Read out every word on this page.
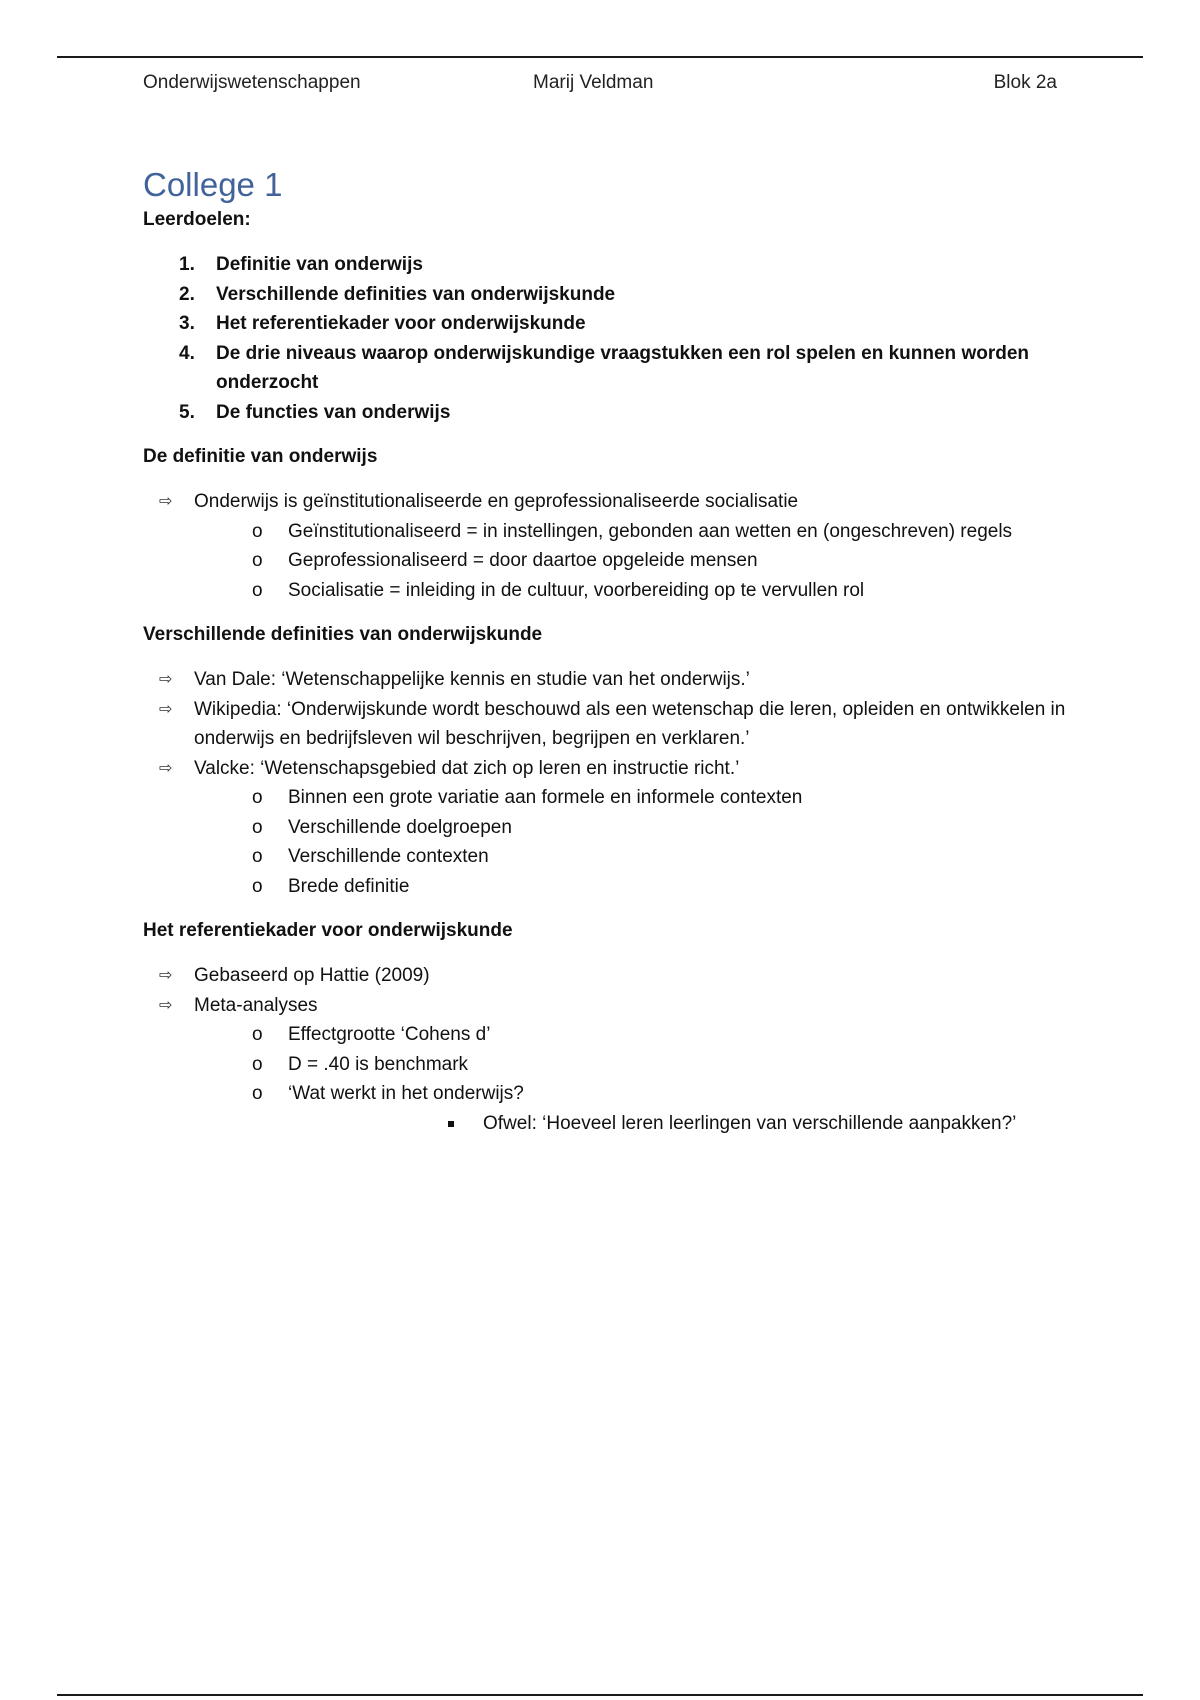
Onderwijswetenschappen	Marij Veldman	Blok 2a
College 1

Leerdoelen:

1. Definitie van onderwijs
2. Verschillende definities van onderwijskunde
3. Het referentiekader voor onderwijskunde
4. De drie niveaus waarop onderwijskundige vraagstukken een rol spelen en kunnen worden onderzocht
5. De functies van onderwijs

De definitie van onderwijs

⇨ Onderwijs is geïnstitutionaliseerde en geprofessionaliseerde socialisatie
o Geïnstitutionaliseerd = in instellingen, gebonden aan wetten en (ongeschreven) regels
o Geprofessionaliseerd = door daartoe opgeleide mensen
o Socialisatie = inleiding in de cultuur, voorbereiding op te vervullen rol

Verschillende definities van onderwijskunde

⇨ Van Dale: ‘Wetenschappelijke kennis en studie van het onderwijs.’
⇨ Wikipedia: ‘Onderwijskunde wordt beschouwd als een wetenschap die leren, opleiden en ontwikkelen in onderwijs en bedrijfsleven wil beschrijven, begrijpen en verklaren.’
⇨ Valcke: ‘Wetenschapsgebied dat zich op leren en instructie richt.’
o Binnen een grote variatie aan formele en informele contexten
o Verschillende doelgroepen
o Verschillende contexten
o Brede definitie

Het referentiekader voor onderwijskunde

⇨ Gebaseerd op Hattie (2009)
⇨ Meta-analyses
o Effectgrootte ‘Cohens d’
o D = .40 is benchmark
o ‘Wat werkt in het onderwijs?
Ofwel: ‘Hoeveel leren leerlingen van verschillende aanpakken?’
